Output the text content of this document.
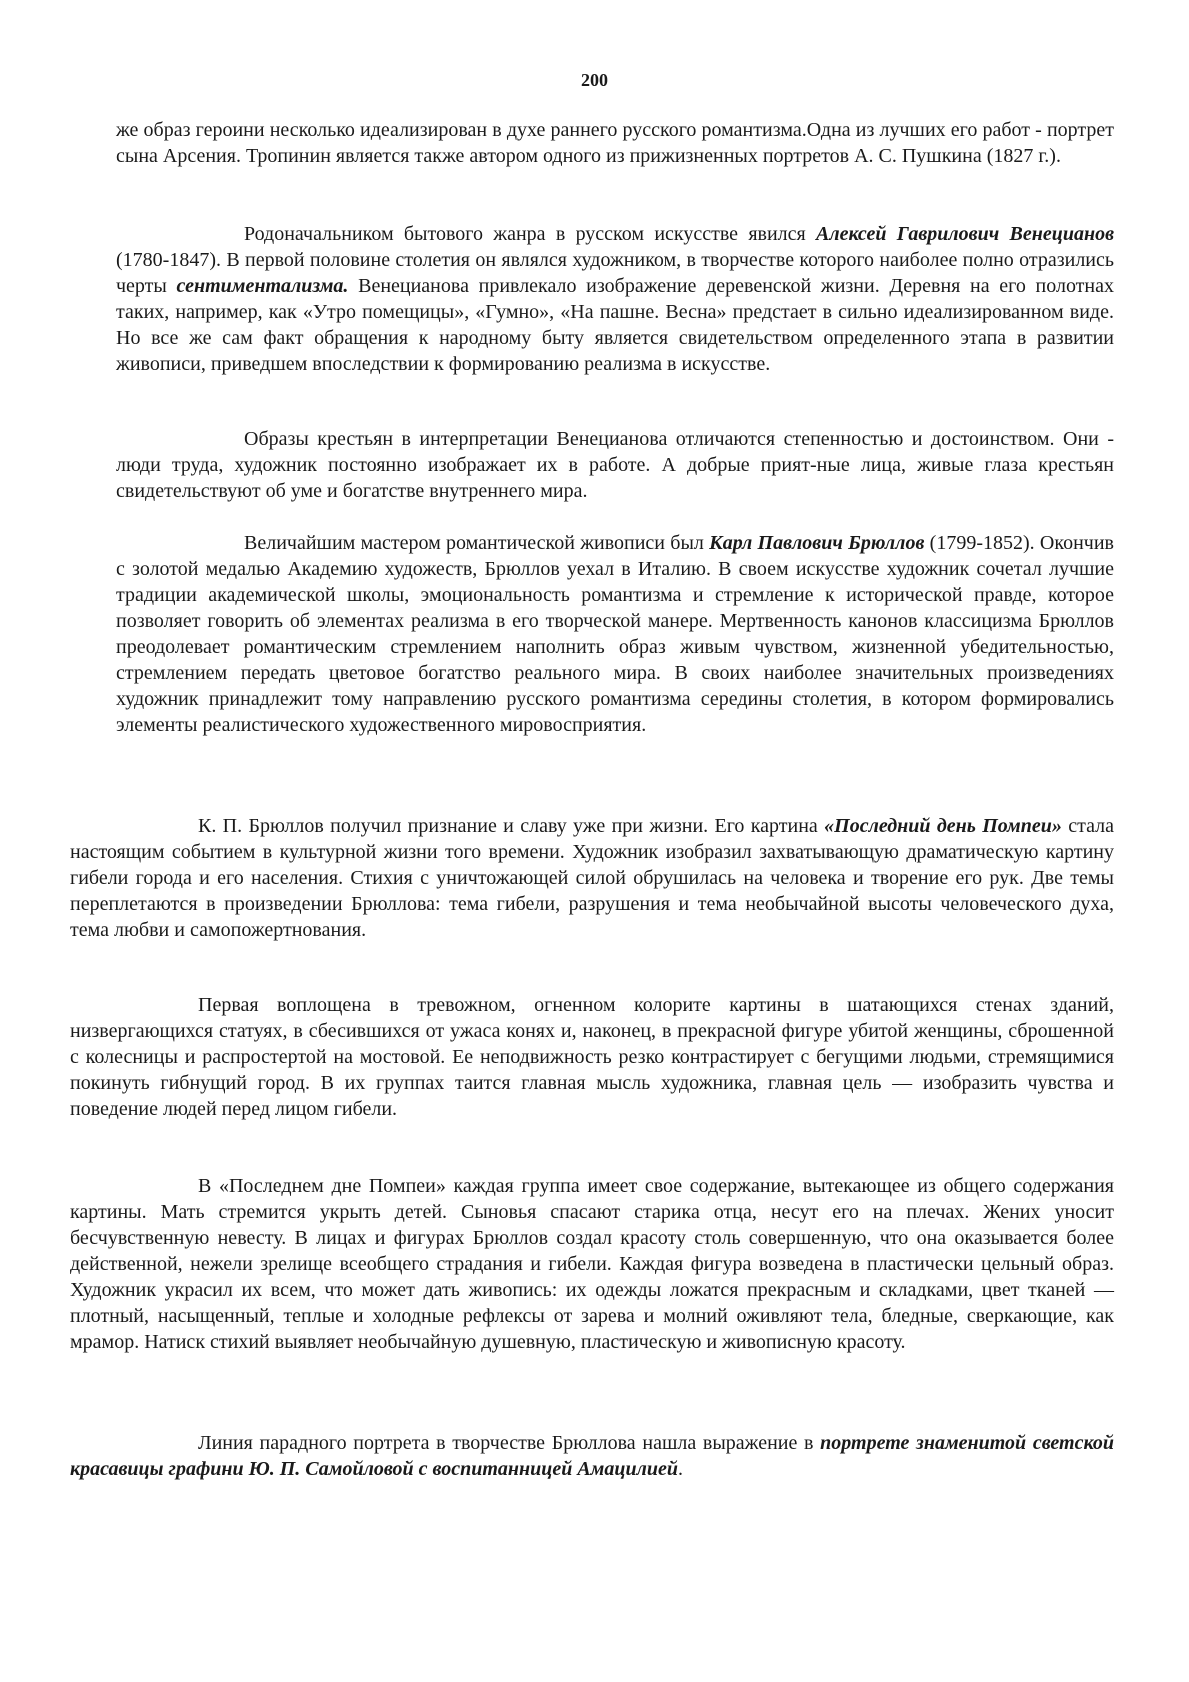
200

же образ героини несколько идеализирован в духе раннего русского романтизма.Одна из лучших его работ - портрет сына Арсения. Тропинин является также автором одного из прижизненных портретов А. С. Пушкина (1827 г.).

Родоначальником бытового жанра в русском искусстве явился Алексей Гаврилович Венецианов (1780-1847). В первой половине столетия он являлся художником, в творчестве которого наиболее полно отразились черты сентиментализма. Венецианова привлекало изображение деревенской жизни. Деревня на его полотнах таких, например, как «Утро помещицы», «Гумно», «На пашне. Весна» предстает в сильно идеализированном виде. Но все же сам факт обращения к народному быту является свидетельством определенного этапа в развитии живописи, приведшем впоследствии к формированию реализма в искусстве.

Образы крестьян в интерпретации Венецианова отличаются степенностью и достоинством. Они - люди труда, художник постоянно изображает их в работе. А добрые прият-ные лица, живые глаза крестьян свидетельствуют об уме и богатстве внутреннего мира.

Величайшим мастером романтической живописи был Карл Павлович Брюллов (1799-1852). Окончив с золотой медалью Академию художеств, Брюллов уехал в Италию. В своем искусстве художник сочетал лучшие традиции академической школы, эмоциональность романтизма и стремление к исторической правде, которое позволяет говорить об элементах реализма в его творческой манере. Мертвенность канонов классицизма Брюллов преодолевает романтическим стремлением наполнить образ живым чувством, жизненной убедительностью, стремлением передать цветовое богатство реального мира. В своих наиболее значительных произведениях художник принадлежит тому направлению русского романтизма середины столетия, в котором формировались элементы реалистического художественного мировосприятия.

К. П. Брюллов получил признание и славу уже при жизни. Его картина «Последний день Помпеи» стала настоящим событием в культурной жизни того времени. Художник изобразил захватывающую драматическую картину гибели города и его населения. Стихия с уничтожающей силой обрушилась на человека и творение его рук. Две темы переплетаются в произведении Брюллова: тема гибели, разрушения и тема необычайной высоты человеческого духа, тема любви и самопожертнования.

Первая воплощена в тревожном, огненном колорите картины в шатающихся стенах зданий, низвергающихся статуях, в сбесившихся от ужаса конях и, наконец, в прекрасной фигуре убитой женщины, сброшенной с колесницы и распростертой на мостовой. Ее неподвижность резко контрастирует с бегущими людьми, стремящимися покинуть гибнущий город. В их группах таится главная мысль художника, главная цель — изобразить чувства и поведение людей перед лицом гибели.

В «Последнем дне Помпеи» каждая группа имеет свое содержание, вытекающее из общего содержания картины. Мать стремится укрыть детей. Сыновья спасают старика отца, несут его на плечах. Жених уносит бесчувственную невесту. В лицах и фигурах Брюллов создал красоту столь совершенную, что она оказывается более действенной, нежели зрелище всеобщего страдания и гибели. Каждая фигура возведена в пластически цельный образ. Художник украсил их всем, что может дать живопись: их одежды ложатся прекрасным и складками, цвет тканей — плотный, насыщенный, теплые и холодные рефлексы от зарева и молний оживляют тела, бледные, сверкающие, как мрамор. Натиск стихий выявляет необычайную душевную, пластическую и живописную красоту.

Линия парадного портрета в творчестве Брюллова нашла выражение в портрете знаменитой светской красавицы графини Ю. П. Самойловой с воспитанницей Амацилией.
